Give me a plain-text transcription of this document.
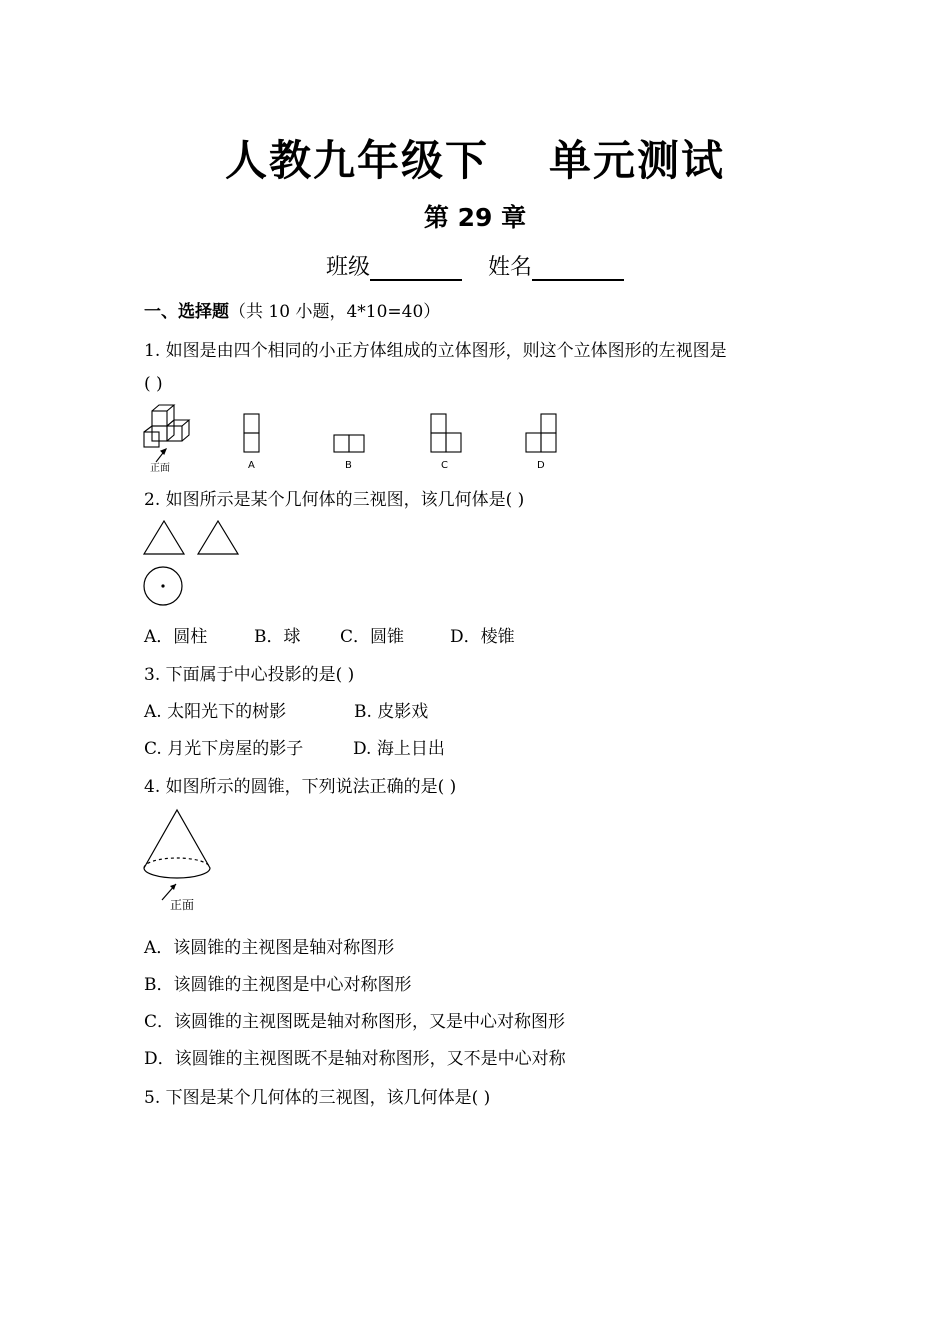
人教九年级下 单元测试
第 29 章
班级	姓名
一、选择题（共 10 小题，4*10=40）
1. 如图是由四个相同的小正方体组成的立体图形，则这个立体图形的左视图是
( )
正面	A	B	C	D
2. 如图所示是某个几何体的三视图，该几何体是( )
A．圆柱	B．球 C．圆锥	D．棱锥
3. 下面属于中心投影的是( )
A. 太阳光下的树影	B. 皮影戏
C. 月光下房屋的影子	D. 海上日出
4. 如图所示的圆锥，下列说法正确的是( )
正面
A．该圆锥的主视图是轴对称图形
B．该圆锥的主视图是中心对称图形
C．该圆锥的主视图既是轴对称图形，又是中心对称图形
D．该圆锥的主视图既不是轴对称图形，又不是中心对称
5. 下图是某个几何体的三视图，该几何体是( )
